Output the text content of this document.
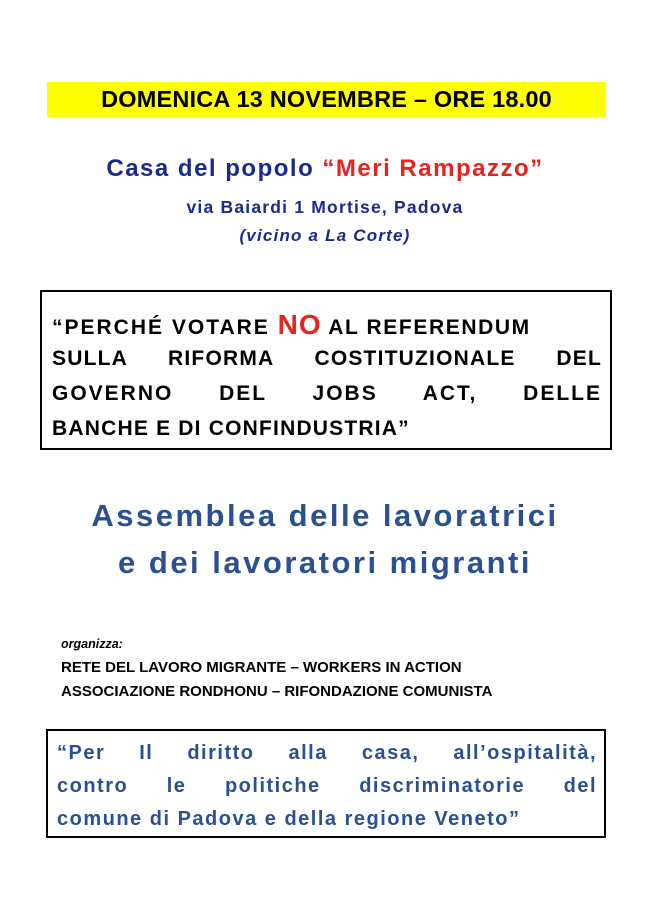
DOMENICA 13 NOVEMBRE – ORE 18.00
Casa del popolo “Meri Rampazzo”
via Baiardi 1 Mortise, Padova
(vicino a La Corte)
“PERCHÉ VOTARE NO AL REFERENDUM
SULLA RIFORMA COSTITUZIONALE DEL
GOVERNO DEL JOBS ACT, DELLE
BANCHE E DI CONFINDUSTRIA”
Assemblea delle lavoratrici
e dei lavoratori migranti
organizza:
RETE DEL LAVORO MIGRANTE – WORKERS IN ACTION
ASSOCIAZIONE RONDHONU – RIFONDAZIONE COMUNISTA
“Per Il diritto alla casa, all’ospitalità,
contro le politiche discriminatorie del
comune di Padova e della regione Veneto”
